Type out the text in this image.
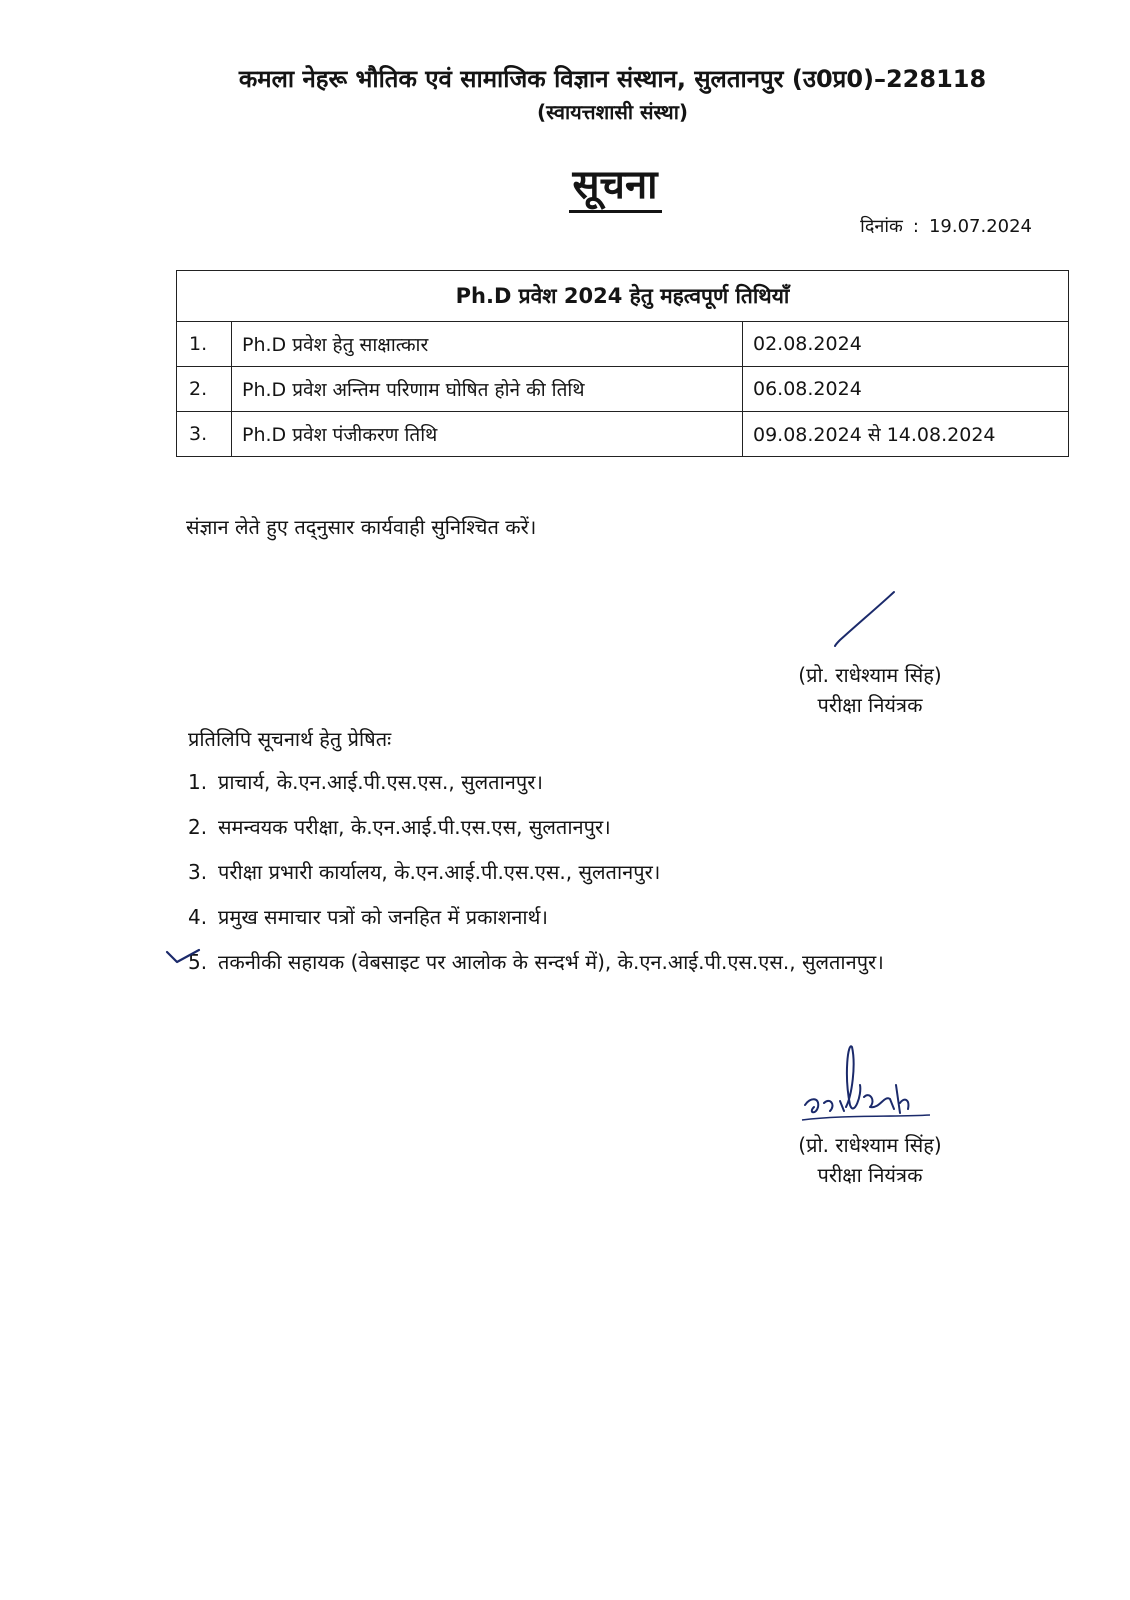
कमला नेहरू भौतिक एवं सामाजिक विज्ञान संस्थान, सुलतानपुर (उ0प्र0)–228118
(स्वायत्तशासी संस्था)
सूचना
दिनांक : 19.07.2024
Ph.D प्रवेश 2024 हेतु महत्वपूर्ण तिथियाँ		
1.	Ph.D प्रवेश हेतु साक्षात्कार	02.08.2024
2.	Ph.D प्रवेश अन्तिम परिणाम घोषित होने की तिथि	06.08.2024
3.	Ph.D प्रवेश पंजीकरण तिथि	09.08.2024 से 14.08.2024
संज्ञान लेते हुए तद्नुसार कार्यवाही सुनिश्चित करें।
(प्रो. राधेश्याम सिंह)
परीक्षा नियंत्रक
प्रतिलिपि सूचनार्थ हेतु प्रेषितः
1. प्राचार्य, के.एन.आई.पी.एस.एस., सुलतानपुर।
2. समन्वयक परीक्षा, के.एन.आई.पी.एस.एस, सुलतानपुर।
3. परीक्षा प्रभारी कार्यालय, के.एन.आई.पी.एस.एस., सुलतानपुर।
4. प्रमुख समाचार पत्रों को जनहित में प्रकाशनार्थ।
5. तकनीकी सहायक (वेबसाइट पर आलोक के सन्दर्भ में), के.एन.आई.पी.एस.एस., सुलतानपुर।
(प्रो. राधेश्याम सिंह)
परीक्षा नियंत्रक
